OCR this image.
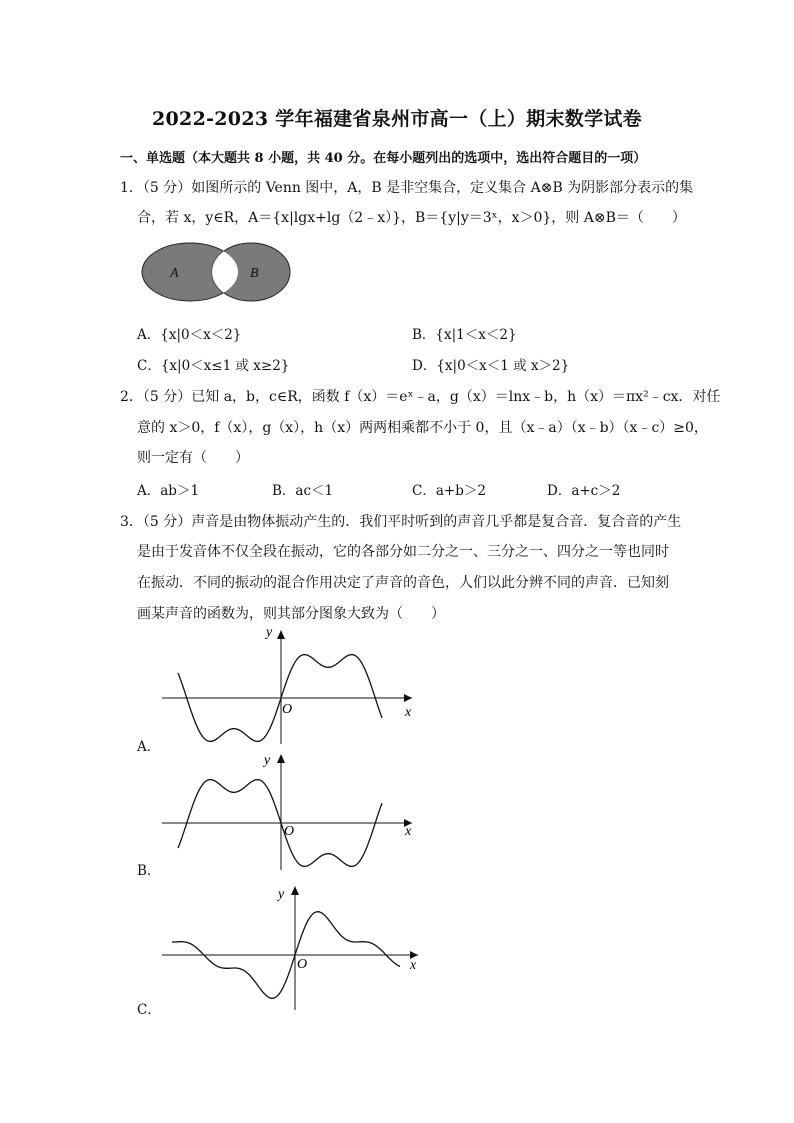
2022-2023 学年福建省泉州市高一（上）期末数学试卷
一、单选题（本大题共 8 小题，共 40 分。在每小题列出的选项中，选出符合题目的一项）
1．（5 分）如图所示的 Venn 图中，A，B 是非空集合，定义集合 A⊗B 为阴影部分表示的集
合，若 x，y∈R，A＝{x|lgx+lg（2﹣x）}，B＝{y|y＝3ˣ，x＞0}，则 A⊗B＝（　　）
A	B
A．{x|0＜x＜2}	B．{x|1＜x＜2}
C．{x|0＜x≤1 或 x≥2}	D．{x|0＜x＜1 或 x＞2}
2．（5 分）已知 a，b，c∈R，函数 f（x）＝eˣ﹣a，g（x）＝lnx﹣b，h（x）＝πx²﹣cx．对任
意的 x＞0，f（x），g（x），h（x）两两相乘都不小于 0，且（x﹣a）（x﹣b）（x﹣c）≥0，
则一定有（　　）
A．ab＞1	B．ac＜1	C．a+b＞2	D．a+c＞2
3．（5 分）声音是由物体振动产生的．我们平时听到的声音几乎都是复合音．复合音的产生
是由于发音体不仅全段在振动，它的各部分如二分之一、三分之一、四分之一等也同时
在振动．不同的振动的混合作用决定了声音的音色，人们以此分辨不同的声音．已知刻
画某声音的函数为，则其部分图象大致为（　　）
A．
x
y
O
B．
x
y
O
C．
x
y
O
